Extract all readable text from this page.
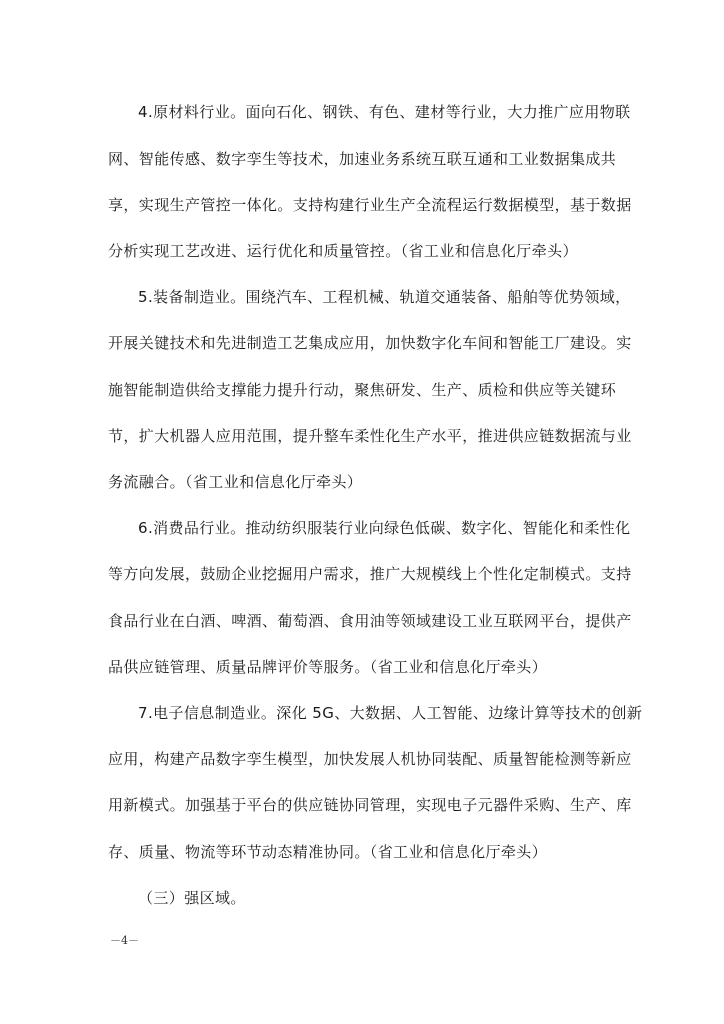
4.原材料行业。面向石化、钢铁、有色、建材等行业，大力推广应用物联
网、智能传感、数字孪生等技术，加速业务系统互联互通和工业数据集成共
享，实现生产管控一体化。支持构建行业生产全流程运行数据模型，基于数据
分析实现工艺改进、运行优化和质量管控。（省工业和信息化厅牵头）
5.装备制造业。围绕汽车、工程机械、轨道交通装备、船舶等优势领域，
开展关键技术和先进制造工艺集成应用，加快数字化车间和智能工厂建设。实
施智能制造供给支撑能力提升行动，聚焦研发、生产、质检和供应等关键环
节，扩大机器人应用范围，提升整车柔性化生产水平，推进供应链数据流与业
务流融合。（省工业和信息化厅牵头）
6.消费品行业。推动纺织服装行业向绿色低碳、数字化、智能化和柔性化
等方向发展，鼓励企业挖掘用户需求，推广大规模线上个性化定制模式。支持
食品行业在白酒、啤酒、葡萄酒、食用油等领域建设工业互联网平台，提供产
品供应链管理、质量品牌评价等服务。（省工业和信息化厅牵头）
7.电子信息制造业。深化 5G、大数据、人工智能、边缘计算等技术的创新
应用，构建产品数字孪生模型，加快发展人机协同装配、质量智能检测等新应
用新模式。加强基于平台的供应链协同管理，实现电子元器件采购、生产、库
存、质量、物流等环节动态精准协同。（省工业和信息化厅牵头）
（三）强区域。
－4－
